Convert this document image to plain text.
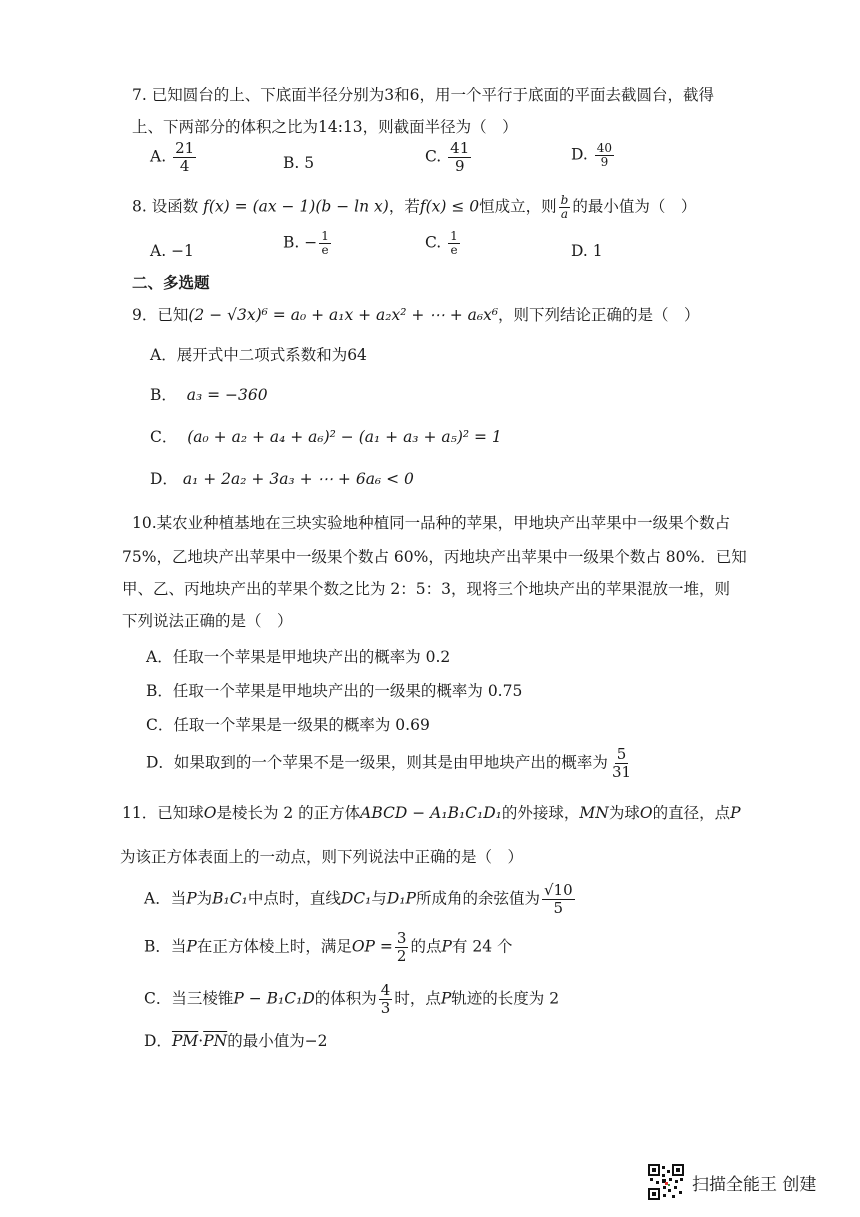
7. 已知圆台的上、下底面半径分别为3和6，用一个平行于底面的平面去截圆台，截得
上、下两部分的体积之比为14:13，则截面半径为（　）
A. $\frac{21}{4}$	B. 5	C. $\frac{41}{9}$	D. $\frac{40}{9}$
8. 设函数 f(x) = (ax − 1)(b − ln x)，若f(x) ≤ 0恒成立，则 $\frac{b}{a}$ 的最小值为（　）
A. −1	B. − $\frac{1}{e}$	C. $\frac{1}{e}$	D. 1
二、多选题
9．已知(2 − √3x)⁶ = a₀ + a₁x + a₂x² + ⋯ + a₆x⁶，则下列结论正确的是（　）
A．展开式中二项式系数和为64
B． a₃ = −360
C． (a₀ + a₂ + a₄ + a₆)² − (a₁ + a₃ + a₅)² = 1
D． a₁ + 2a₂ + 3a₃ + ⋯ + 6a₆ < 0
10.某农业种植基地在三块实验地种植同一品种的苹果，甲地块产出苹果中一级果个数占
75%，乙地块产出苹果中一级果个数占 60%，丙地块产出苹果中一级果个数占 80%．已知
甲、乙、丙地块产出的苹果个数之比为 2：5：3，现将三个地块产出的苹果混放一堆，则
下列说法正确的是（　）
A．任取一个苹果是甲地块产出的概率为 0.2
B．任取一个苹果是甲地块产出的一级果的概率为 0.75
C．任取一个苹果是一级果的概率为 0.69
D．如果取到的一个苹果不是一级果，则其是由甲地块产出的概率为 $\frac{5}{31}$
11．已知球O是棱长为 2 的正方体ABCD − A₁B₁C₁D₁的外接球，MN为球O的直径，点P
为该正方体表面上的一动点，则下列说法中正确的是（　）
A．当P为B₁C₁中点时，直线DC₁与D₁P所成角的余弦值为 $\frac{√10}{5}$
B．当P在正方体棱上时，满足OP = $\frac{3}{2}$ 的点P有 24 个
C．当三棱锥P − B₁C₁D的体积为 $\frac{4}{3}$ 时，点P轨迹的长度为 2
D．$\overline{PM}\cdot\overline{PN}$的最小值为−2
扫描全能王 创建
